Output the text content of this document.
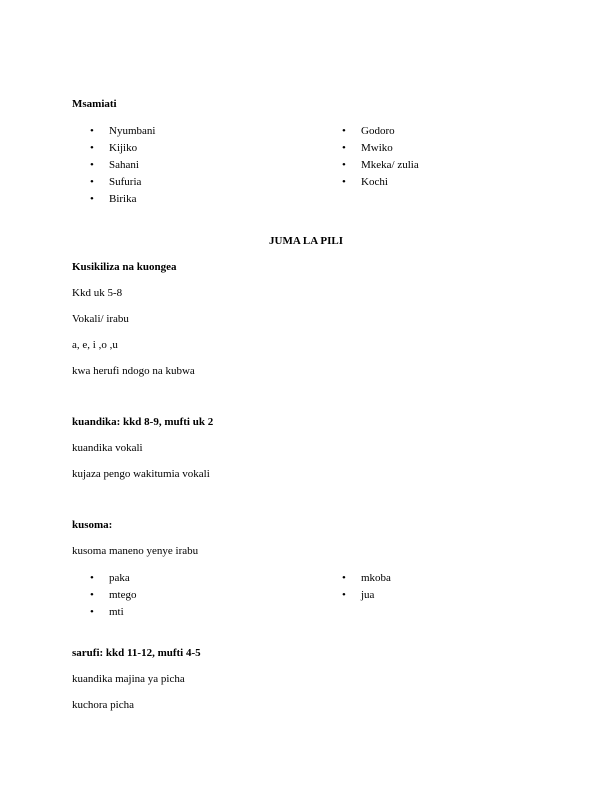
Msamiati
• Nyumbani
• Kijiko
• Sahani
• Sufuria
• Birika
• Godoro
• Mwiko
• Mkeka/ zulia
• Kochi
JUMA LA PILI
Kusikiliza na kuongea
Kkd uk 5-8
Vokali/ irabu
a, e, i ,o ,u
kwa herufi ndogo na kubwa
kuandika: kkd 8-9, mufti uk 2
kuandika vokali
kujaza pengo wakitumia vokali
kusoma:
kusoma maneno yenye irabu
• paka
• mtego
• mti
• mkoba
• jua
sarufi: kkd 11-12, mufti 4-5
kuandika majina ya picha
kuchora picha
